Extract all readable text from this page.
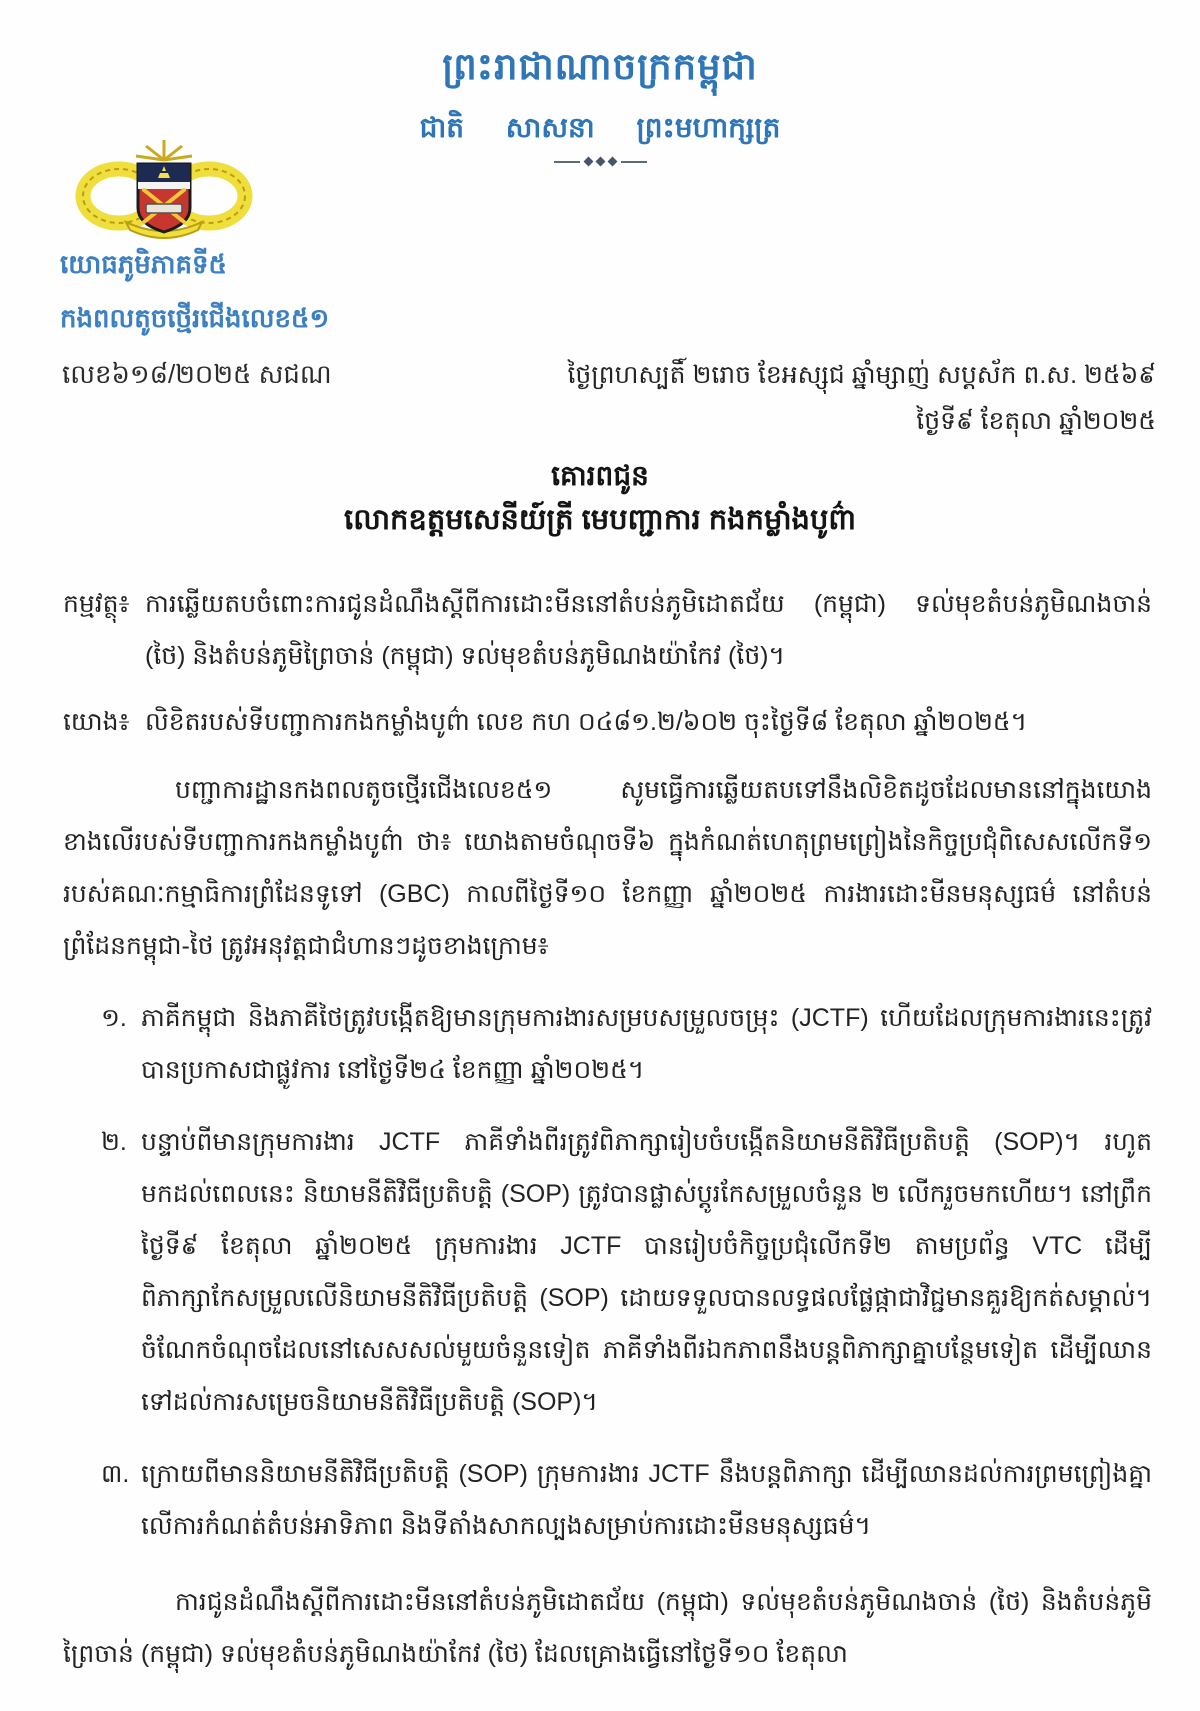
ព្រះរាជាណាចក្រកម្ពុជា
ជាតិ សាសនា ព្រះមហាក្សត្រ
យោធភូមិភាគទី៥
កងពលតូចថ្មើរជើងលេខ៥១
លេខ៦១៨/២០២៥ សជណ	ថ្ងៃព្រហស្បតិ៍ ២រោច ខែអស្សុជ ឆ្នាំម្សាញ់ សប្តស័ក ព.ស. ២៥៦៩
ថ្ងៃទី៩ ខែតុលា ឆ្នាំ២០២៥
គោរពជូន
លោកឧត្តមសេនីយ៍ត្រី មេបញ្ជាការ កងកម្លាំងបូព៌ា
កម្មវត្ថុ៖ ការឆ្លើយតបចំពោះការជូនដំណឹងស្ដីពីការដោះមីននៅតំបន់ភូមិដោតជ័យ (កម្ពុជា) ទល់មុខតំបន់ភូមិណងចាន់ (ថៃ) និងតំបន់ភូមិព្រៃចាន់ (កម្ពុជា) ទល់មុខតំបន់ភូមិណងយ៉ាកែវ (ថៃ)។
យោង៖ លិខិតរបស់ទីបញ្ជាការកងកម្លាំងបូព៌ា លេខ កហ ០៤៨១.២/៦០២ ចុះថ្ងៃទី៨ ខែតុលា ឆ្នាំ២០២៥។
បញ្ជាការដ្ឋានកងពលតូចថ្មើរជើងលេខ៥១ សូមធ្វើការឆ្លើយតបទៅនឹងលិខិតដូចដែលមាននៅក្នុងយោងខាងលើរបស់ទីបញ្ជាការកងកម្លាំងបូព៌ា ថា៖ យោងតាមចំណុចទី៦ ក្នុងកំណត់ហេតុព្រមព្រៀងនៃកិច្ចប្រជុំពិសេសលើកទី១ របស់គណៈកម្មាធិការព្រំដែនទូទៅ (GBC) កាលពីថ្ងៃទី១០ ខែកញ្ញា ឆ្នាំ២០២៥ ការងារដោះមីនមនុស្សធម៌ នៅតំបន់ព្រំដែនកម្ពុជា-ថៃ ត្រូវអនុវត្តជាជំហានៗដូចខាងក្រោម៖
១. ភាគីកម្ពុជា និងភាគីថៃត្រូវបង្កើតឱ្យមានក្រុមការងារសម្របសម្រួលចម្រុះ (JCTF) ហើយដែលក្រុមការងារនេះត្រូវបានប្រកាសជាផ្លូវការ នៅថ្ងៃទី២៤ ខែកញ្ញា ឆ្នាំ២០២៥។
២. បន្ទាប់ពីមានក្រុមការងារ JCTF ភាគីទាំងពីរត្រូវពិភាក្សារៀបចំបង្កើតនិយាមនីតិវិធីប្រតិបត្តិ (SOP)។ រហូតមកដល់ពេលនេះ និយាមនីតិវិធីប្រតិបត្តិ (SOP) ត្រូវបានផ្លាស់ប្ដូរកែសម្រួលចំនួន ២ លើករួចមកហើយ។ នៅព្រឹកថ្ងៃទី៩ ខែតុលា ឆ្នាំ២០២៥ ក្រុមការងារ JCTF បានរៀបចំកិច្ចប្រជុំលើកទី២ តាមប្រព័ន្ធ VTC ដើម្បីពិភាក្សាកែសម្រួលលើនិយាមនីតិវិធីប្រតិបត្តិ (SOP) ដោយទទួលបានលទ្ធផលផ្លែផ្កាជាវិជ្ជមានគួរឱ្យកត់សម្គាល់។ ចំណែកចំណុចដែលនៅសេសសល់មួយចំនួនទៀត ភាគីទាំងពីរឯកភាពនឹងបន្តពិភាក្សាគ្នាបន្ថែមទៀត ដើម្បីឈានទៅដល់ការសម្រេចនិយាមនីតិវិធីប្រតិបត្តិ (SOP)។
៣. ក្រោយពីមាននិយាមនីតិវិធីប្រតិបត្តិ (SOP) ក្រុមការងារ JCTF នឹងបន្តពិភាក្សា ដើម្បីឈានដល់ការព្រមព្រៀងគ្នាលើការកំណត់តំបន់អាទិភាព និងទីតាំងសាកល្បងសម្រាប់ការដោះមីនមនុស្សធម៌។
ការជូនដំណឹងស្ដីពីការដោះមីននៅតំបន់ភូមិដោតជ័យ (កម្ពុជា) ទល់មុខតំបន់ភូមិណងចាន់ (ថៃ) និងតំបន់ភូមិព្រៃចាន់ (កម្ពុជា) ទល់មុខតំបន់ភូមិណងយ៉ាកែវ (ថៃ) ដែលគ្រោងធ្វើនៅថ្ងៃទី១០ ខែតុលា
